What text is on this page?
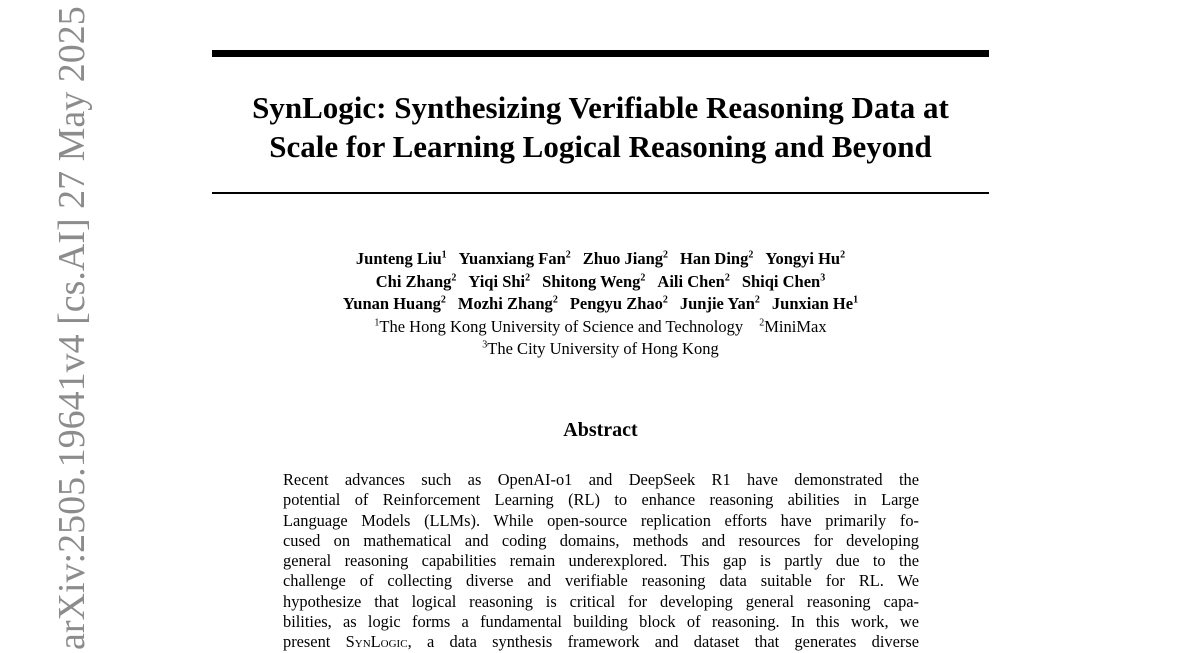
SynLogic: Synthesizing Verifiable Reasoning Data at
Scale for Learning Logical Reasoning and Beyond
Junteng Liu$^1$ Yuanxiang Fan$^2$ Zhuo Jiang$^2$ Han Ding$^2$ Yongyi Hu$^2$
Chi Zhang$^2$ Yiqi Shi$^2$ Shitong Weng$^2$ Aili Chen$^2$ Shiqi Chen$^3$
Yunan Huang$^2$ Mozhi Zhang$^2$ Pengyu Zhao$^2$ Junjie Yan$^2$ Junxian He$^1$
$^1$The Hong Kong University of Science and Technology $^2$MiniMax
$^3$The City University of Hong Kong
Abstract
Recent advances such as OpenAI-o1 and DeepSeek R1 have demonstrated the
potential of Reinforcement Learning (RL) to enhance reasoning abilities in Large
Language Models (LLMs). While open-source replication efforts have primarily fo-
cused on mathematical and coding domains, methods and resources for developing
general reasoning capabilities remain underexplored. This gap is partly due to the
challenge of collecting diverse and verifiable reasoning data suitable for RL. We
hypothesize that logical reasoning is critical for developing general reasoning capa-
bilities, as logic forms a fundamental building block of reasoning. In this work, we
present SynLogic, a data synthesis framework and dataset that generates diverse
arXiv:2505.19641v4 [cs.AI] 27 May 2025
